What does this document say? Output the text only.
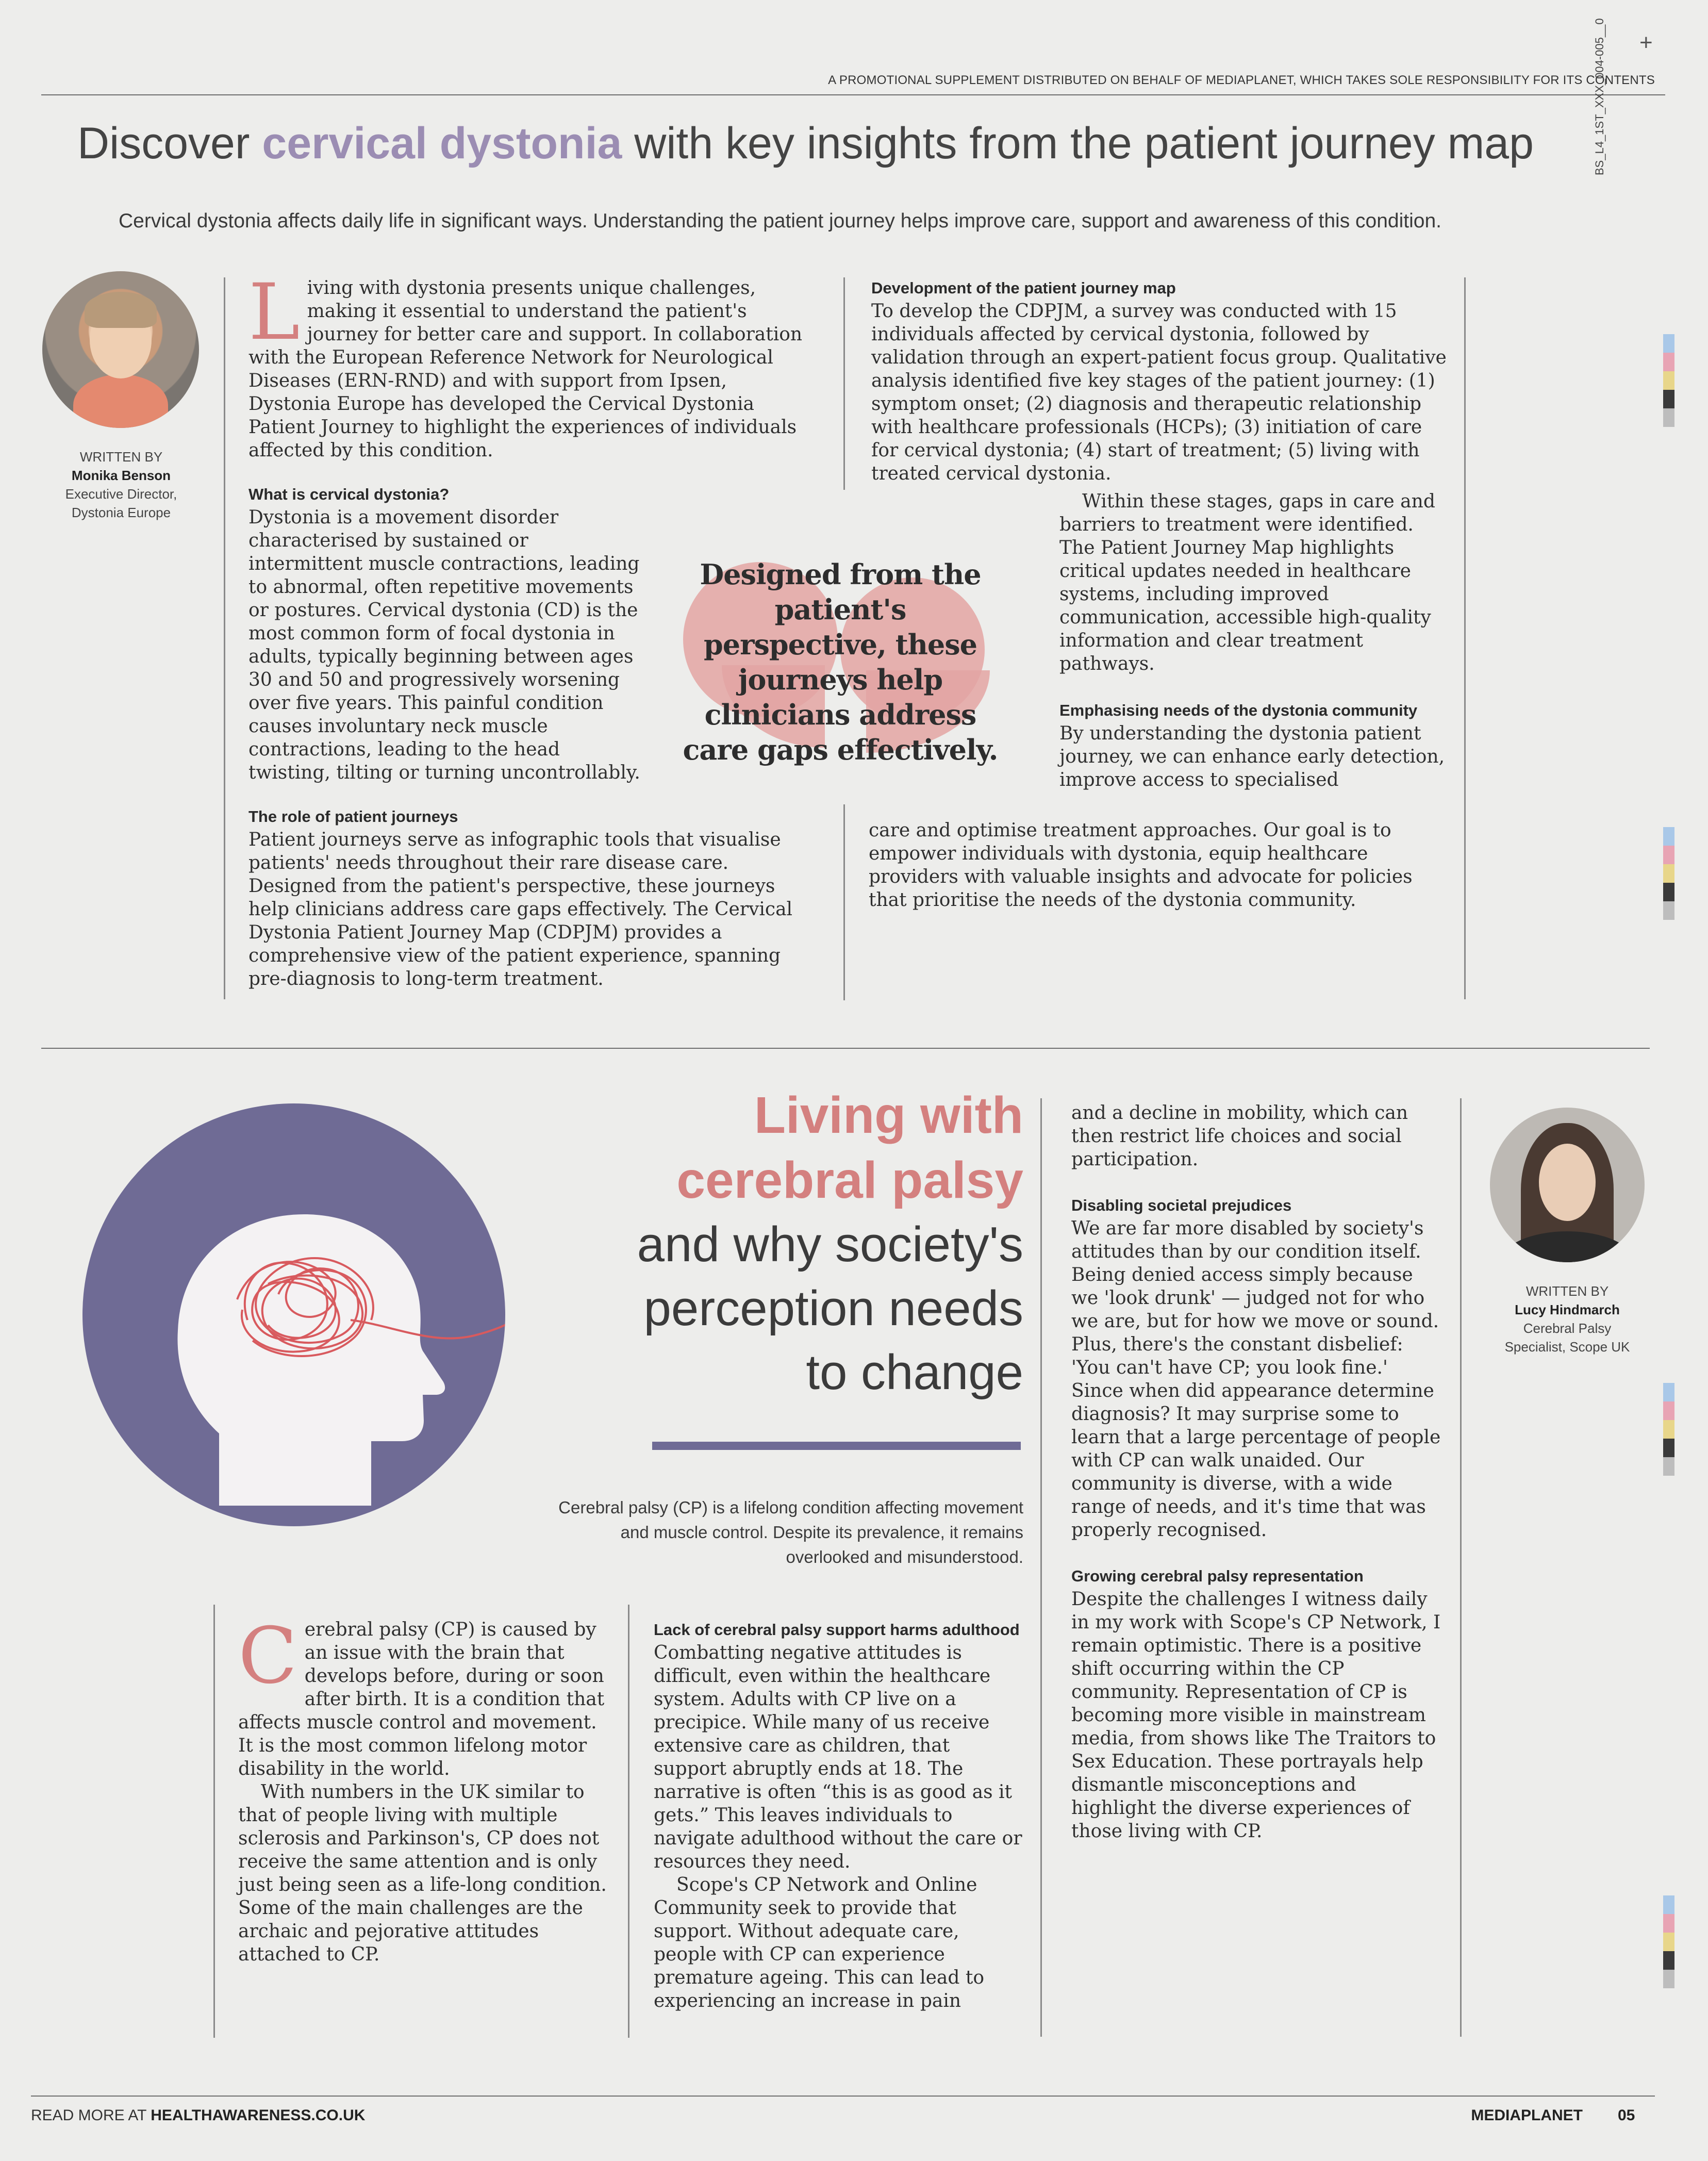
A PROMOTIONAL SUPPLEMENT DISTRIBUTED ON BEHALF OF MEDIAPLANET, WHICH TAKES SOLE RESPONSIBILITY FOR ITS CONTENTS
+
BS_L4_1ST_XXX_004-005__0
Discover cervical dystonia with key insights from the patient journey map
Cervical dystonia affects daily life in significant ways. Understanding the patient journey helps improve care, support and awareness of this condition.
WRITTEN BY
Monika Benson
Executive Director,
Dystonia Europe
L iving with dystonia presents unique challenges, making it essential to understand the patient's journey for better care and support. In collaboration with the European Reference Network for Neurological Diseases (ERN-RND) and with support from Ipsen, Dystonia Europe has developed the Cervical Dystonia Patient Journey to highlight the experiences of individuals affected by this condition.

What is cervical dystonia?

Dystonia is a movement disorder characterised by sustained or intermittent muscle contractions, leading to abnormal, often repetitive movements or postures. Cervical dystonia (CD) is the most common form of focal dystonia in adults, typically beginning between ages 30 and 50 and progressively worsening over five years. This painful condition causes involuntary neck muscle contractions, leading to the head twisting, tilting or turning uncontrollably.

The role of patient journeys

Patient journeys serve as infographic tools that visualise patients' needs throughout their rare disease care. Designed from the patient's perspective, these journeys help clinicians address care gaps effectively. The Cervical Dystonia Patient Journey Map (CDPJM) provides a comprehensive view of the patient experience, spanning pre-diagnosis to long-term treatment.

Designed from the patient's perspective, these journeys help clinicians address care gaps effectively.
Development of the patient journey map

To develop the CDPJM, a survey was conducted with 15 individuals affected by cervical dystonia, followed by validation through an expert-patient focus group. Qualitative analysis identified five key stages of the patient journey: (1) symptom onset; (2) diagnosis and therapeutic relationship with healthcare professionals (HCPs); (3) initiation of care for cervical dystonia; (4) start of treatment; (5) living with treated cervical dystonia.

Within these stages, gaps in care and barriers to treatment were identified. The Patient Journey Map highlights critical updates needed in healthcare systems, including improved communication, accessible high-quality information and clear treatment pathways.

Emphasising needs of the dystonia community

By understanding the dystonia patient journey, we can enhance early detection, improve access to specialised

care and optimise treatment approaches. Our goal is to empower individuals with dystonia, equip healthcare providers with valuable insights and advocate for policies that prioritise the needs of the dystonia community.

Living with
cerebral palsy
and why society's
perception needs
to change
Cerebral palsy (CP) is a lifelong condition affecting movement and muscle control. Despite its prevalence, it remains overlooked and misunderstood.
WRITTEN BY
Lucy Hindmarch
Cerebral Palsy
Specialist, Scope UK
C erebral palsy (CP) is caused by an issue with the brain that develops before, during or soon after birth. It is a condition that affects muscle control and movement. It is the most common lifelong motor disability in the world.

With numbers in the UK similar to that of people living with multiple sclerosis and Parkinson's, CP does not receive the same attention and is only just being seen as a life-long condition. Some of the main challenges are the archaic and pejorative attitudes attached to CP.

Lack of cerebral palsy support harms adulthood

Combatting negative attitudes is difficult, even within the healthcare system. Adults with CP live on a precipice. While many of us receive extensive care as children, that support abruptly ends at 18. The narrative is often “this is as good as it gets.” This leaves individuals to navigate adulthood without the care or resources they need.

Scope's CP Network and Online Community seek to provide that support. Without adequate care, people with CP can experience premature ageing. This can lead to experiencing an increase in pain

and a decline in mobility, which can then restrict life choices and social participation.

Disabling societal prejudices

We are far more disabled by society's attitudes than by our condition itself. Being denied access simply because we 'look drunk' — judged not for who we are, but for how we move or sound. Plus, there's the constant disbelief: 'You can't have CP; you look fine.' Since when did appearance determine diagnosis? It may surprise some to learn that a large percentage of people with CP can walk unaided. Our community is diverse, with a wide range of needs, and it's time that was properly recognised.

Growing cerebral palsy representation

Despite the challenges I witness daily in my work with Scope's CP Network, I remain optimistic. There is a positive shift occurring within the CP community. Representation of CP is becoming more visible in mainstream media, from shows like The Traitors to Sex Education. These portrayals help dismantle misconceptions and highlight the diverse experiences of those living with CP.

READ MORE AT HEALTHAWARENESS.CO.UK	MEDIAPLANET 05
